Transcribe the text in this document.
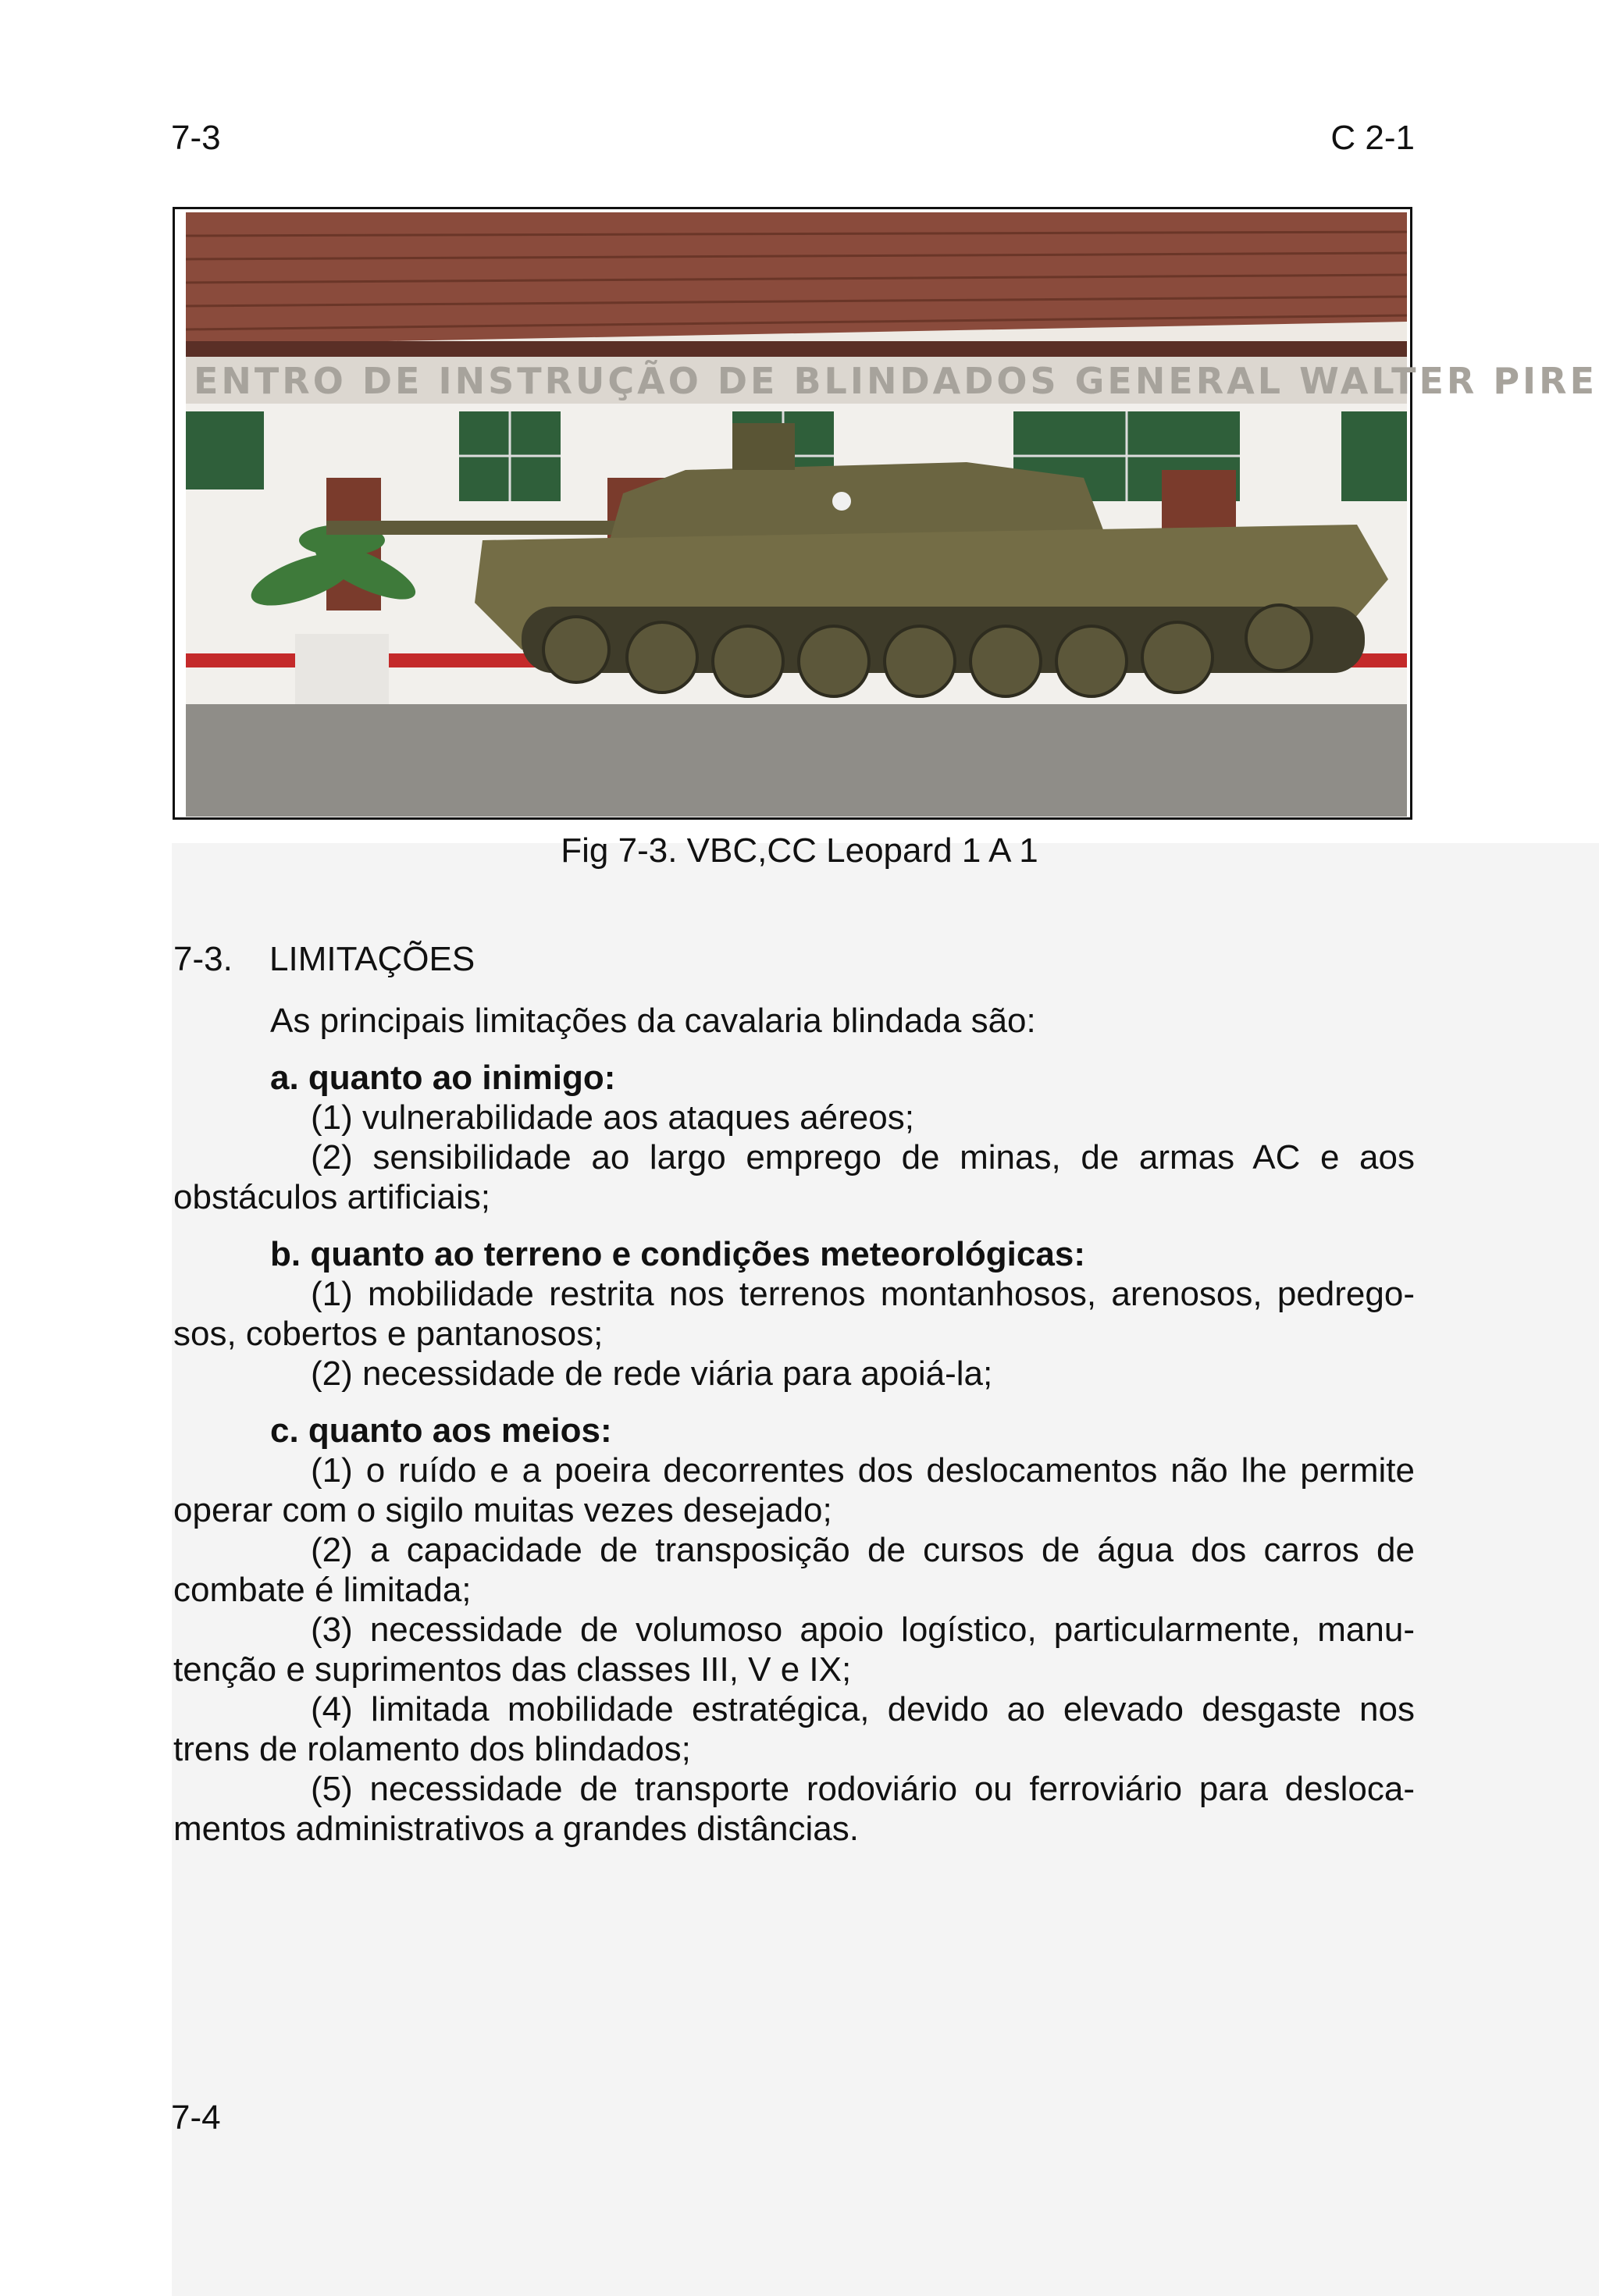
7-3	C 2-1
ENTRO DE INSTRUÇÃO DE BLINDADOS GENERAL WALTER PIRE
Fig 7-3. VBC,CC Leopard 1 A 1
7-3. LIMITAÇÕES
As principais limitações da cavalaria blindada são:
a. quanto ao inimigo:

(1) vulnerabilidade aos ataques aéreos;

(2) sensibilidade ao largo emprego de minas, de armas AC e aos obstáculos artificiais;

b. quanto ao terreno e condições meteorológicas:

(1) mobilidade restrita nos terrenos montanhosos, arenosos, pedregosos, cobertos e pantanosos;

(2) necessidade de rede viária para apoiá-la;

c. quanto aos meios:

(1) o ruído e a poeira decorrentes dos deslocamentos não lhe permite operar com o sigilo muitas vezes desejado;

(2) a capacidade de transposição de cursos de água dos carros de combate é limitada;

(3) necessidade de volumoso apoio logístico, particularmente, manutenção e suprimentos das classes III, V e IX;

(4) limitada mobilidade estratégica, devido ao elevado desgaste nos trens de rolamento dos blindados;

(5) necessidade de transporte rodoviário ou ferroviário para deslocamentos administrativos a grandes distâncias.

7-4
